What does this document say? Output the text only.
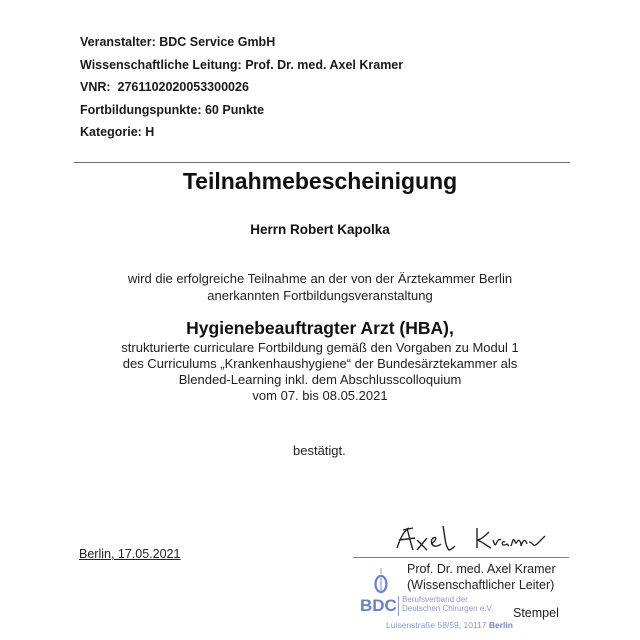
Veranstalter: BDC Service GmbH
Wissenschaftliche Leitung: Prof. Dr. med. Axel Kramer
VNR:  2761102020053300026
Fortbildungspunkte: 60 Punkte
Kategorie: H
Teilnahmebescheinigung
Herrn Robert Kapolka
wird die erfolgreiche Teilnahme an der von der Ärztekammer Berlin
anerkannten Fortbildungsveranstaltung
Hygienebeauftragter Arzt (HBA),
strukturierte curriculare Fortbildung gemäß den Vorgaben zu Modul 1
des Curriculums „Krankenhaushygiene“ der Bundesärztekammer als
Blended-Learning inkl. dem Abschlusscolloquium
vom 07. bis 08.05.2021
bestätigt.
Berlin, 17.05.2021
Prof. Dr. med. Axel Kramer
(Wissenschaftlicher Leiter)
BDC Berufsverband der
Deutschen Chirurgen e.V.
Luisenstraße 58/59, 10117 Berlin
Stempel
